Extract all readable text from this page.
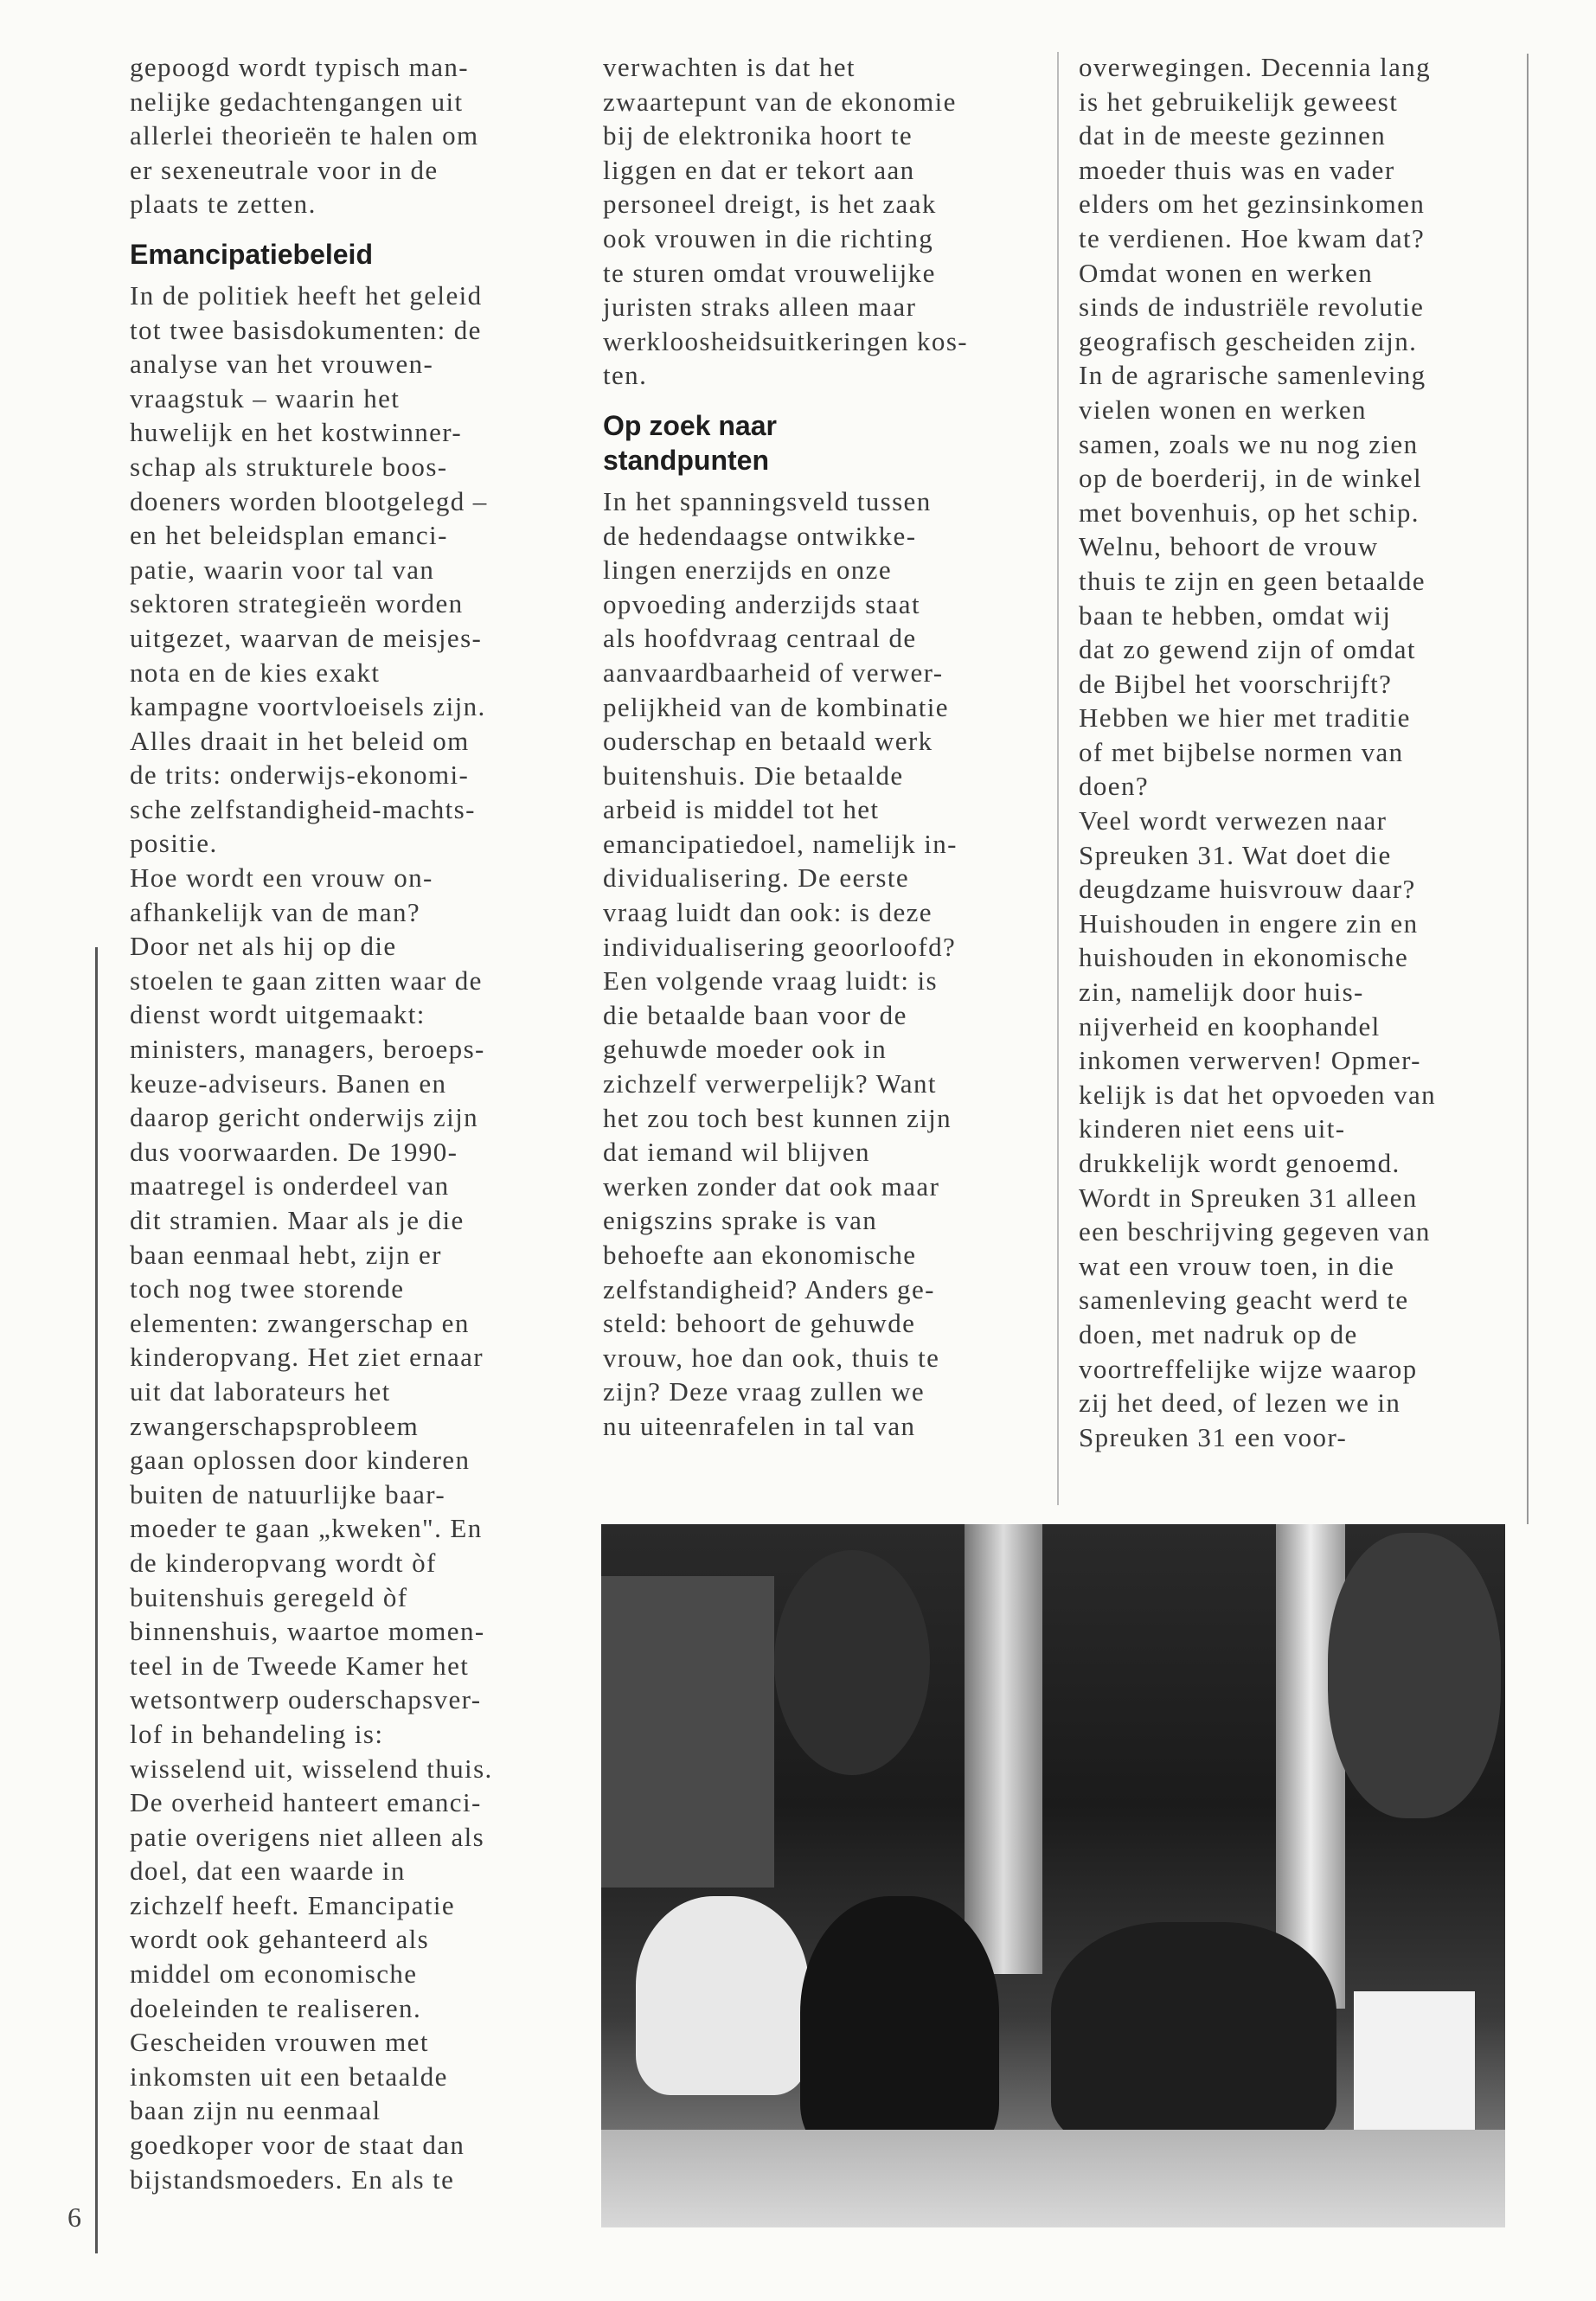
gepoogd wordt typisch man-
nelijke gedachtengangen uit
allerlei theorieën te halen om
er sexeneutrale voor in de
plaats te zetten.
Emancipatiebeleid
In de politiek heeft het geleid
tot twee basisdokumenten: de
analyse van het vrouwen-
vraagstuk – waarin het
huwelijk en het kostwinner-
schap als strukturele boos-
doeners worden blootgelegd –
en het beleidsplan emanci-
patie, waarin voor tal van
sektoren strategieën worden
uitgezet, waarvan de meisjes-
nota en de kies exakt
kampagne voortvloeisels zijn.
Alles draait in het beleid om
de trits: onderwijs-ekonomi-
sche zelfstandigheid-machts-
positie.
Hoe wordt een vrouw on-
afhankelijk van de man?
Door net als hij op die
stoelen te gaan zitten waar de
dienst wordt uitgemaakt:
ministers, managers, beroeps-
keuze-adviseurs. Banen en
daarop gericht onderwijs zijn
dus voorwaarden. De 1990-
maatregel is onderdeel van
dit stramien. Maar als je die
baan eenmaal hebt, zijn er
toch nog twee storende
elementen: zwangerschap en
kinderopvang. Het ziet ernaar
uit dat laborateurs het
zwangerschapsprobleem
gaan oplossen door kinderen
buiten de natuurlijke baar-
moeder te gaan „kweken". En
de kinderopvang wordt òf
buitenshuis geregeld òf
binnenshuis, waartoe momen-
teel in de Tweede Kamer het
wetsontwerp ouderschapsver-
lof in behandeling is:
wisselend uit, wisselend thuis.
De overheid hanteert emanci-
patie overigens niet alleen als
doel, dat een waarde in
zichzelf heeft. Emancipatie
wordt ook gehanteerd als
middel om economische
doeleinden te realiseren.
Gescheiden vrouwen met
inkomsten uit een betaalde
baan zijn nu eenmaal
goedkoper voor de staat dan
bijstandsmoeders. En als te
verwachten is dat het
zwaartepunt van de ekonomie
bij de elektronika hoort te
liggen en dat er tekort aan
personeel dreigt, is het zaak
ook vrouwen in die richting
te sturen omdat vrouwelijke
juristen straks alleen maar
werkloosheidsuitkeringen kos-
ten.
Op zoek naar
standpunten
In het spanningsveld tussen
de hedendaagse ontwikke-
lingen enerzijds en onze
opvoeding anderzijds staat
als hoofdvraag centraal de
aanvaardbaarheid of verwer-
pelijkheid van de kombinatie
ouderschap en betaald werk
buitenshuis. Die betaalde
arbeid is middel tot het
emancipatiedoel, namelijk in-
dividualisering. De eerste
vraag luidt dan ook: is deze
individualisering geoorloofd?
Een volgende vraag luidt: is
die betaalde baan voor de
gehuwde moeder ook in
zichzelf verwerpelijk? Want
het zou toch best kunnen zijn
dat iemand wil blijven
werken zonder dat ook maar
enigszins sprake is van
behoefte aan ekonomische
zelfstandigheid? Anders ge-
steld: behoort de gehuwde
vrouw, hoe dan ook, thuis te
zijn? Deze vraag zullen we
nu uiteenrafelen in tal van
overwegingen. Decennia lang
is het gebruikelijk geweest
dat in de meeste gezinnen
moeder thuis was en vader
elders om het gezinsinkomen
te verdienen. Hoe kwam dat?
Omdat wonen en werken
sinds de industriële revolutie
geografisch gescheiden zijn.
In de agrarische samenleving
vielen wonen en werken
samen, zoals we nu nog zien
op de boerderij, in de winkel
met bovenhuis, op het schip.
Welnu, behoort de vrouw
thuis te zijn en geen betaalde
baan te hebben, omdat wij
dat zo gewend zijn of omdat
de Bijbel het voorschrijft?
Hebben we hier met traditie
of met bijbelse normen van
doen?
Veel wordt verwezen naar
Spreuken 31. Wat doet die
deugdzame huisvrouw daar?
Huishouden in engere zin en
huishouden in ekonomische
zin, namelijk door huis-
nijverheid en koophandel
inkomen verwerven! Opmer-
kelijk is dat het opvoeden van
kinderen niet eens uit-
drukkelijk wordt genoemd.
Wordt in Spreuken 31 alleen
een beschrijving gegeven van
wat een vrouw toen, in die
samenleving geacht werd te
doen, met nadruk op de
voortreffelijke wijze waarop
zij het deed, of lezen we in
Spreuken 31 een voor-
6
